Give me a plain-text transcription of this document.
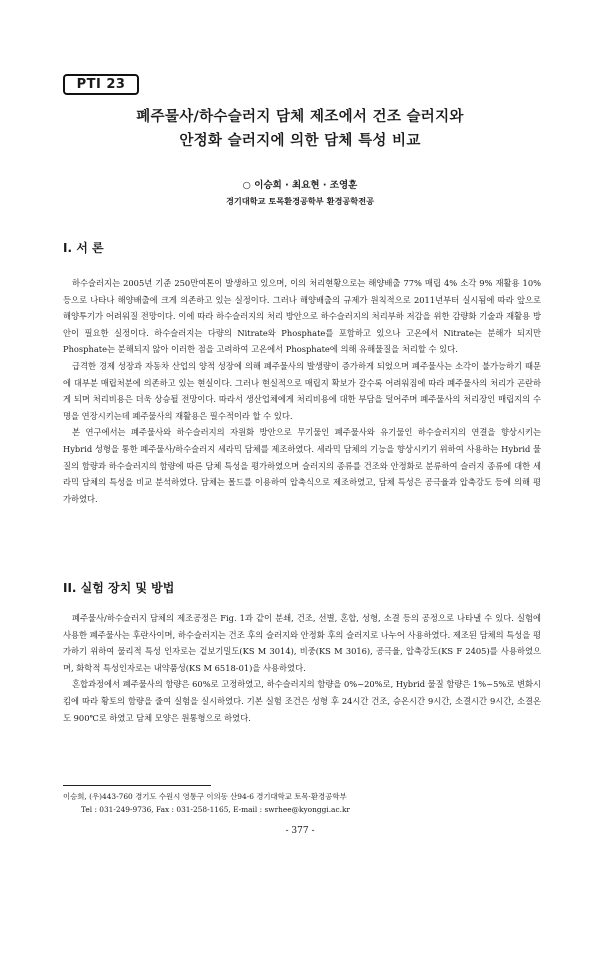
PTI 23
폐주물사/하수슬러지 담체 제조에서 건조 슬러지와
안정화 슬러지에 의한 담체 특성 비교
○ 이승희 · 최요현 · 조영훈
경기대학교 토목환경공학부 환경공학전공
I. 서 론

하수슬러지는 2005년 기준 250만여톤이 발생하고 있으며, 이의 처리현황으로는 해양배출 77% 매립 4% 소각 9% 재활용 10%등으로 나타나 해양배출에 크게 의존하고 있는 실정이다. 그러나 해양배출의 규제가 원칙적으로 2011년부터 실시됨에 따라 앞으로 해양투기가 어려워질 전망이다. 이에 따라 하수슬러지의 처리 방안으로 하수슬러지의 처리부하 저감을 위한 감량화 기술과 재활용 방안이 필요한 실정이다. 하수슬러지는 다량의 Nitrate와 Phosphate를 포함하고 있으나 고온에서 Nitrate는 분해가 되지만 Phosphate는 분해되지 않아 이러한 점을 고려하여 고온에서 Phosphate에 의해 유해물질을 처리할 수 있다.

급격한 경제 성장과 자동차 산업의 양적 성장에 의해 폐주물사의 발생량이 증가하게 되었으며 폐주물사는 소각이 불가능하기 때문에 대부분 매립처분에 의존하고 있는 현실이다. 그러나 현실적으로 매립지 확보가 갈수록 어려워짐에 따라 폐주물사의 처리가 곤란하게 되며 처리비용은 더욱 상승될 전망이다. 따라서 생산업체에게 처리비용에 대한 부담을 덜어주며 폐주물사의 처리장인 매립지의 수명을 연장시키는데 폐주물사의 재활용은 필수적이라 할 수 있다.

본 연구에서는 폐주물사와 하수슬러지의 자원화 방안으로 무기물인 폐주물사와 유기물인 하수슬러지의 연결을 향상시키는 Hybrid 성형을 통한 폐주물사/하수슬러지 세라믹 담체를 제조하였다. 세라믹 담체의 기능을 향상시키기 위하여 사용하는 Hybrid 물질의 함량과 하수슬러지의 함량에 따른 담체 특성을 평가하였으며 슬러지의 종류를 건조와 안정화로 분류하여 슬러지 종류에 대한 세라믹 담체의 특성을 비교 분석하였다. 담체는 몰드를 이용하여 압축식으로 제조하였고, 담체 특성은 공극율과 압축강도 등에 의해 평가하였다.

II. 실험 장치 및 방법

폐주물사/하수슬러지 담체의 제조공정은 Fig. 1과 같이 분쇄, 건조, 선별, 혼합, 성형, 소결 등의 공정으로 나타낼 수 있다. 실험에 사용한 폐주물사는 후란사이며, 하수슬러지는 건조 후의 슬러지와 안정화 후의 슬러지로 나누어 사용하였다. 제조된 담체의 특성을 평가하기 위하여 물리적 특성 인자로는 겉보기밀도(KS M 3014), 비중(KS M 3016), 공극율, 압축강도(KS F 2405)를 사용하였으며, 화학적 특성인자로는 내약품성(KS M 6518-01)을 사용하였다.

혼합과정에서 폐주물사의 함량은 60%로 고정하였고, 하수슬러지의 함량을 0%~20%로, Hybrid 물질 함량은 1%~5%로 변화시킴에 따라 황토의 함량을 줄여 실험을 실시하였다. 기본 실험 조건은 성형 후 24시간 건조, 승온시간 9시간, 소결시간 9시간, 소결온도 900℃로 하였고 담체 모양은 원통형으로 하였다.

이승희, (우)443-760 경기도 수원시 영통구 이의동 산94-6 경기대학교 토목·환경공학부
Tel : 031-249-9736, Fax : 031-258-1165, E-mail : swrhee@kyonggi.ac.kr
- 377 -
